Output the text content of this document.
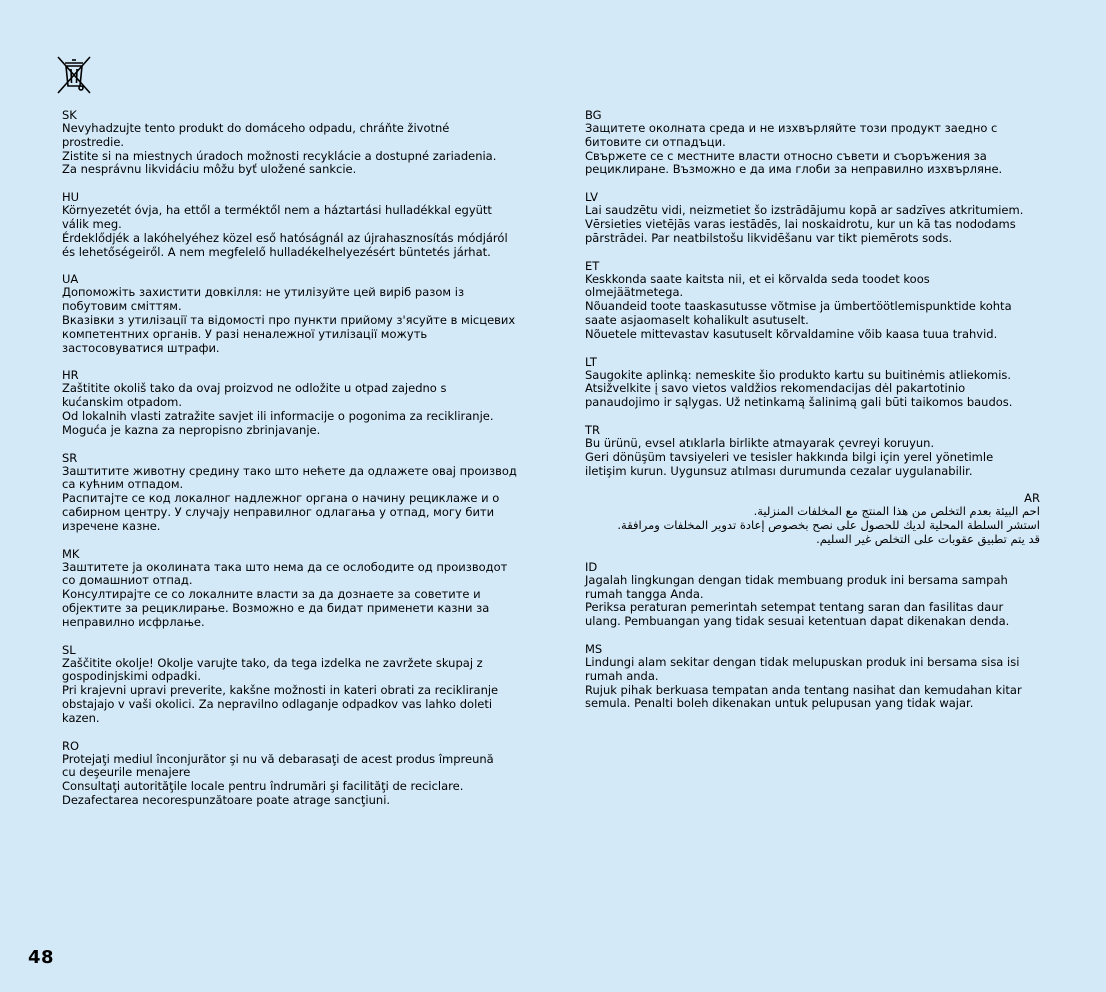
SK
Nevyhadzujte tento produkt do domáceho odpadu, chráňte životné
prostredie.
Zistite si na miestnych úradoch možnosti recyklácie a dostupné zariadenia.
Za nesprávnu likvidáciu môžu byť uložené sankcie.
HU
Környezetét óvja, ha ettől a terméktől nem a háztartási hulladékkal együtt
válik meg.
Érdeklődjék a lakóhelyéhez közel eső hatóságnál az újrahasznosítás módjáról
és lehetőségeiről. A nem megfelelő hulladékelhelyezésért büntetés járhat.
UA
Допоможіть захистити довкілля: не утилізуйте цей виріб разом із
побутовим сміттям.
Вказівки з утилізації та відомості про пункти прийому з'ясуйте в місцевих
компетентних органів. У разі неналежної утилізації можуть
застосовуватися штрафи.
HR
Zaštitite okoliš tako da ovaj proizvod ne odložite u otpad zajedno s
kućanskim otpadom.
Od lokalnih vlasti zatražite savjet ili informacije o pogonima za recikliranje.
Moguća je kazna za nepropisno zbrinjavanje.
SR
Заштитите животну средину тако што нећете да одлажете овај производ
са кућним отпадом.
Распитајте се код локалног надлежног органа о начину рециклаже и о
сабирном центру. У случају неправилног одлагања у отпад, могу бити
изречене казне.
MK
Заштитете ја околината така што нема да се ослободите од производот
со домашниот отпад.
Консултирајте се со локалните власти за да дознаете за советите и
објектите за рециклирање. Возможно е да бидат применети казни за
неправилно исфрлање.
SL
Zaščitite okolje! Okolje varujte tako, da tega izdelka ne zavržete skupaj z
gospodinjskimi odpadki.
Pri krajevni upravi preverite, kakšne možnosti in kateri obrati za recikliranje
obstajajo v vaši okolici. Za nepravilno odlaganje odpadkov vas lahko doleti
kazen.
RO
Protejaţi mediul înconjurător şi nu vă debarasaţi de acest produs împreună
cu deşeurile menajere
Consultaţi autorităţile locale pentru îndrumări şi facilităţi de reciclare.
Dezafectarea necorespunzătoare poate atrage sancţiuni.
BG
Защитете околната среда и не изхвърляйте този продукт заедно с
битовите си отпадъци.
Свържете се с местните власти относно съвети и съоръжения за
рециклиране. Възможно е да има глоби за неправилно изхвърляне.
LV
Lai saudzētu vidi, neizmetiet šo izstrādājumu kopā ar sadzīves atkritumiem.
Vērsieties vietējās varas iestādēs, lai noskaidrotu, kur un kā tas nododams
pārstrādei. Par neatbilstošu likvidēšanu var tikt piemērots sods.
ET
Keskkonda saate kaitsta nii, et ei kõrvalda seda toodet koos
olmejäätmetega.
Nõuandeid toote taaskasutusse võtmise ja ümbertöötlemispunktide kohta
saate asjaomaselt kohalikult asutuselt.
Nõuetele mittevastav kasutuselt kõrvaldamine võib kaasa tuua trahvid.
LT
Saugokite aplinką: nemeskite šio produkto kartu su buitinėmis atliekomis.
Atsižvelkite į savo vietos valdžios rekomendacijas dėl pakartotinio
panaudojimo ir sąlygas. Už netinkamą šalinimą gali būti taikomos baudos.
TR
Bu ürünü, evsel atıklarla birlikte atmayarak çevreyi koruyun.
Geri dönüşüm tavsiyeleri ve tesisler hakkında bilgi için yerel yönetimle
iletişim kurun. Uygunsuz atılması durumunda cezalar uygulanabilir.
AR
احم البيئة بعدم التخلص من هذا المنتج مع المخلفات المنزلية.
استشر السلطة المحلية لديك للحصول على نصح بخصوص إعادة تدوير المخلفات ومرافقة.
قد يتم تطبيق عقوبات على التخلص غير السليم.
ID
Jagalah lingkungan dengan tidak membuang produk ini bersama sampah
rumah tangga Anda.
Periksa peraturan pemerintah setempat tentang saran dan fasilitas daur
ulang. Pembuangan yang tidak sesuai ketentuan dapat dikenakan denda.
MS
Lindungi alam sekitar dengan tidak melupuskan produk ini bersama sisa isi
rumah anda.
Rujuk pihak berkuasa tempatan anda tentang nasihat dan kemudahan kitar
semula. Penalti boleh dikenakan untuk pelupusan yang tidak wajar.
48
